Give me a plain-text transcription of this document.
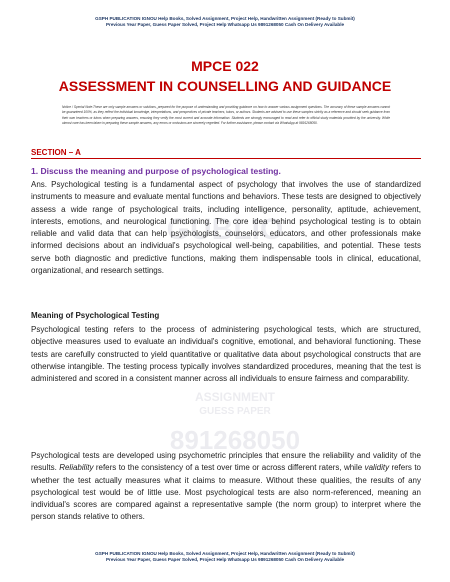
GSPH PUBLICATION IGNOU Help Books, Solved Assignment, Project Help, Handwritten Assignment (Ready to Submit)
Previous Year Paper, Guess Paper Solved, Project Help Whatsapp Us 9891268050 Cash On Delivery Available
GUBLIO
ASSIGNMENT
GUESS PAPER
891268050
MPCE 022
ASSESSMENT IN COUNSELLING AND GUIDANCE
Notice / Special Note:These are only sample answers or solutions, prepared for the purpose of understanding and providing guidance on how to answer various assignment questions. The accuracy of these sample answers cannot be guaranteed 100%, as they reflect the individual knowledge, interpretations, and perspectives of private teachers, tutors, or authors. Students are advised to use these samples strictly as a reference and should seek guidance from their own teachers or tutors when preparing answers, ensuring they verify the most current and accurate information. Students are strongly encouraged to read and refer to official study materials provided by the university. While utmost care has been taken in preparing these sample answers, any errors or omissions are sincerely regretted. For further assistance, please contact via WhatsApp at 9891268050.
SECTION – A
1. Discuss the meaning and purpose of psychological testing.

Ans. Psychological testing is a fundamental aspect of psychology that involves the use of standardized instruments to measure and evaluate mental functions and behaviors. These tests are designed to objectively assess a wide range of psychological traits, including intelligence, personality, aptitude, achievement, interests, emotions, and neurological functioning. The core idea behind psychological testing is to obtain reliable and valid data that can help psychologists, counselors, educators, and other professionals make informed decisions about an individual's psychological well-being, capabilities, and potential. These tests serve both diagnostic and predictive functions, making them indispensable tools in clinical, educational, organizational, and research settings.

Meaning of Psychological Testing

Psychological testing refers to the process of administering psychological tests, which are structured, objective measures used to evaluate an individual's cognitive, emotional, and behavioral functioning. These tests are carefully constructed to yield quantitative or qualitative data about psychological constructs that are otherwise intangible. The testing process typically involves standardized procedures, meaning that the test is administered and scored in a consistent manner across all individuals to ensure fairness and comparability.

Psychological tests are developed using psychometric principles that ensure the reliability and validity of the results. Reliability refers to the consistency of a test over time or across different raters, while validity refers to whether the test actually measures what it claims to measure. Without these qualities, the results of any psychological test would be of little use. Most psychological tests are also norm-referenced, meaning an individual's scores are compared against a representative sample (the norm group) to interpret where the person stands relative to others.

GSPH PUBLICATION IGNOU Help Books, Solved Assignment, Project Help, Handwritten Assignment (Ready to Submit)
Previous Year Paper, Guess Paper Solved, Project Help Whatsapp Us 9891268050 Cash On Delivery Available
